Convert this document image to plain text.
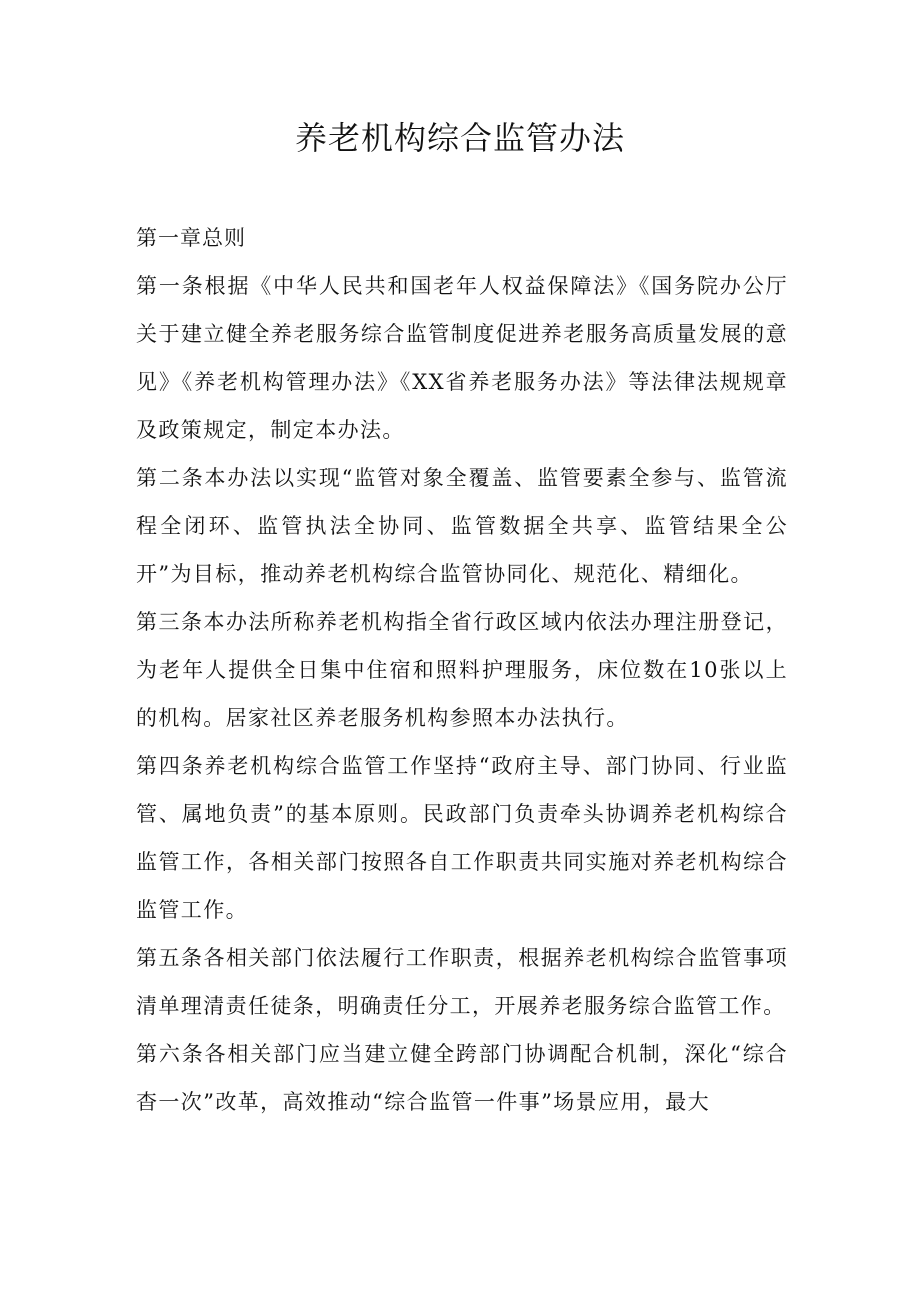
养老机构综合监管办法

第一章总则

第一条根据《中华人民共和国老年人权益保障法》《国务院办公厅关于建立健全养老服务综合监管制度促进养老服务高质量发展的意见》《养老机构管理办法》《XX省养老服务办法》等法律法规规章及政策规定，制定本办法。

第二条本办法以实现“监管对象全覆盖、监管要素全参与、监管流程全闭环、监管执法全协同、监管数据全共享、监管结果全公开”为目标，推动养老机构综合监管协同化、规范化、精细化。

第三条本办法所称养老机构指全省行政区域内依法办理注册登记，为老年人提供全日集中住宿和照料护理服务，床位数在10张以上的机构。居家社区养老服务机构参照本办法执行。

第四条养老机构综合监管工作坚持“政府主导、部门协同、行业监管、属地负责”的基本原则。民政部门负责牵头协调养老机构综合监管工作，各相关部门按照各自工作职责共同实施对养老机构综合监管工作。

第五条各相关部门依法履行工作职责，根据养老机构综合监管事项清单理清责任徒条，明确责任分工，开展养老服务综合监管工作。

第六条各相关部门应当建立健全跨部门协调配合机制，深化“综合杳一次”改革，高效推动“综合监管一件事”场景应用，最大
